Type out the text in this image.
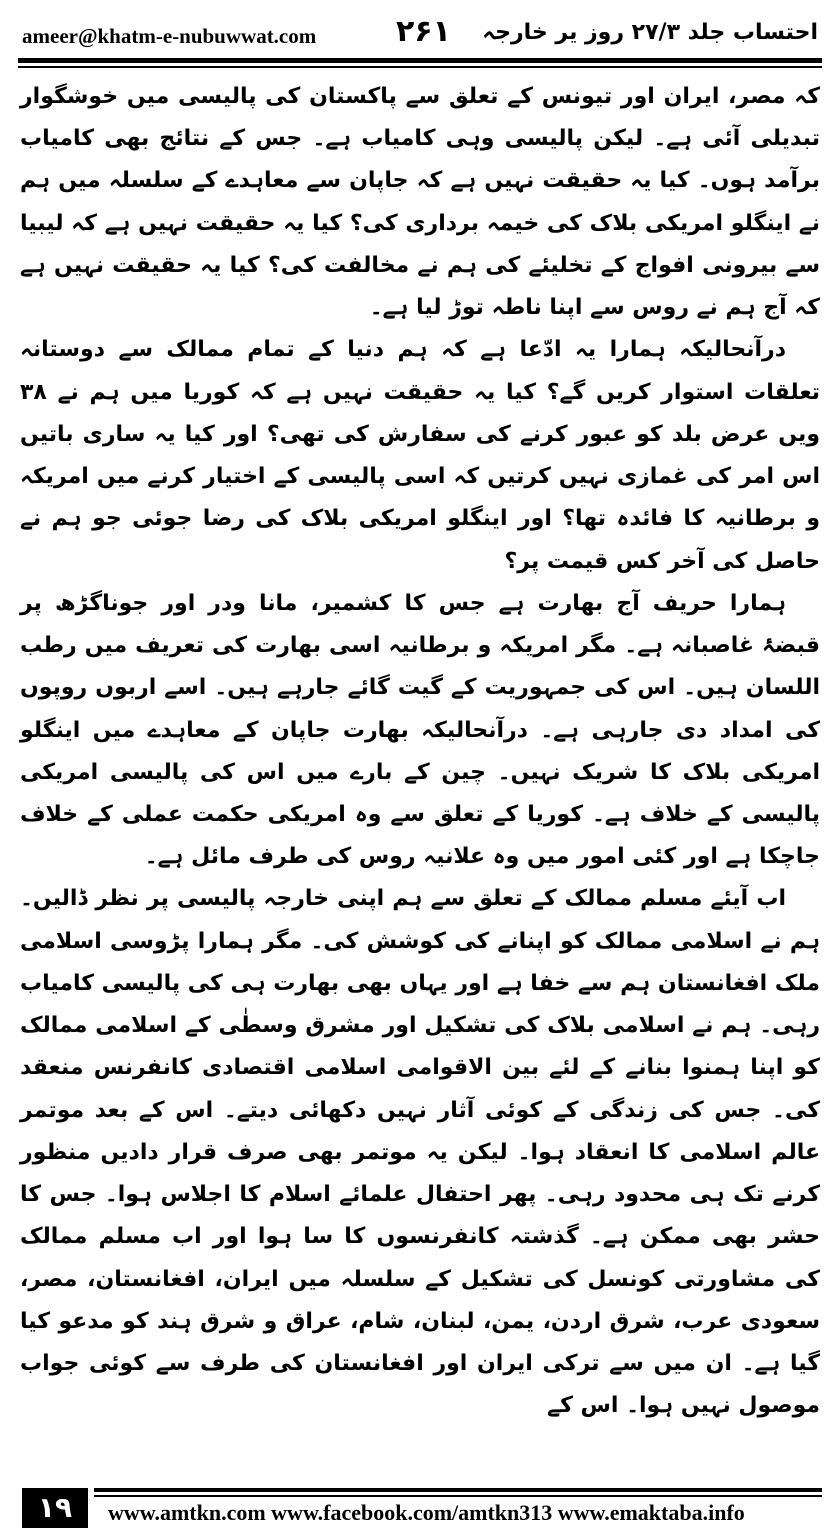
ameer@khatm-e-nubuwwat.com	۲۶۱ احتساب جلد ۲۷/۳ روز یر خارجہ

کہ مصر، ایران اور تیونس کے تعلق سے پاکستان کی پالیسی میں خوشگوار تبدیلی آئی ہے۔ لیکن پالیسی وہی کامیاب ہے۔ جس کے نتائج بھی کامیاب برآمد ہوں۔ کیا یہ حقیقت نہیں ہے کہ جاپان سے معاہدے کے سلسلہ میں ہم نے اینگلو امریکی بلاک کی خیمہ برداری کی؟ کیا یہ حقیقت نہیں ہے کہ لیبیا سے بیرونی افواج کے تخلیئے کی ہم نے مخالفت کی؟ کیا یہ حقیقت نہیں ہے کہ آج ہم نے روس سے اپنا ناطہ توڑ لیا ہے۔

درآنحالیکہ ہمارا یہ ادّعا ہے کہ ہم دنیا کے تمام ممالک سے دوستانہ تعلقات استوار کریں گے؟ کیا یہ حقیقت نہیں ہے کہ کوریا میں ہم نے ۳۸ ویں عرض بلد کو عبور کرنے کی سفارش کی تھی؟ اور کیا یہ ساری باتیں اس امر کی غمازی نہیں کرتیں کہ اسی پالیسی کے اختیار کرنے میں امریکہ و برطانیہ کا فائدہ تھا؟ اور اینگلو امریکی بلاک کی رضا جوئی جو ہم نے حاصل کی آخر کس قیمت پر؟

ہمارا حریف آج بھارت ہے جس کا کشمیر، مانا ودر اور جوناگڑھ پر قبضۂ غاصبانہ ہے۔ مگر امریکہ و برطانیہ اسی بھارت کی تعریف میں رطب اللسان ہیں۔ اس کی جمہوریت کے گیت گائے جارہے ہیں۔ اسے اربوں روپوں کی امداد دی جارہی ہے۔ درآنحالیکہ بھارت جاپان کے معاہدے میں اینگلو امریکی بلاک کا شریک نہیں۔ چین کے بارے میں اس کی پالیسی امریکی پالیسی کے خلاف ہے۔ کوریا کے تعلق سے وہ امریکی حکمت عملی کے خلاف جاچکا ہے اور کئی امور میں وہ علانیہ روس کی طرف مائل ہے۔

اب آیئے مسلم ممالک کے تعلق سے ہم اپنی خارجہ پالیسی پر نظر ڈالیں۔ ہم نے اسلامی ممالک کو اپنانے کی کوشش کی۔ مگر ہمارا پڑوسی اسلامی ملک افغانستان ہم سے خفا ہے اور یہاں بھی بھارت ہی کی پالیسی کامیاب رہی۔ ہم نے اسلامی بلاک کی تشکیل اور مشرق وسطٰی کے اسلامی ممالک کو اپنا ہمنوا بنانے کے لئے بین الاقوامی اسلامی اقتصادی کانفرنس منعقد کی۔ جس کی زندگی کے کوئی آثار نہیں دکھائی دیتے۔ اس کے بعد موتمر عالم اسلامی کا انعقاد ہوا۔ لیکن یہ موتمر بھی صرف قرار دادیں منظور کرنے تک ہی محدود رہی۔ پھر احتفال علمائے اسلام کا اجلاس ہوا۔ جس کا حشر بھی ممکن ہے۔ گذشتہ کانفرنسوں کا سا ہوا اور اب مسلم ممالک کی مشاورتی کونسل کی تشکیل کے سلسلہ میں ایران، افغانستان، مصر، سعودی عرب، شرق اردن، یمن، لبنان، شام، عراق و شرق ہند کو مدعو کیا گیا ہے۔ ان میں سے ترکی ایران اور افغانستان کی طرف سے کوئی جواب موصول نہیں ہوا۔ اس کے

۱۹	www.amtkn.com www.facebook.com/amtkn313 www.emaktaba.info
